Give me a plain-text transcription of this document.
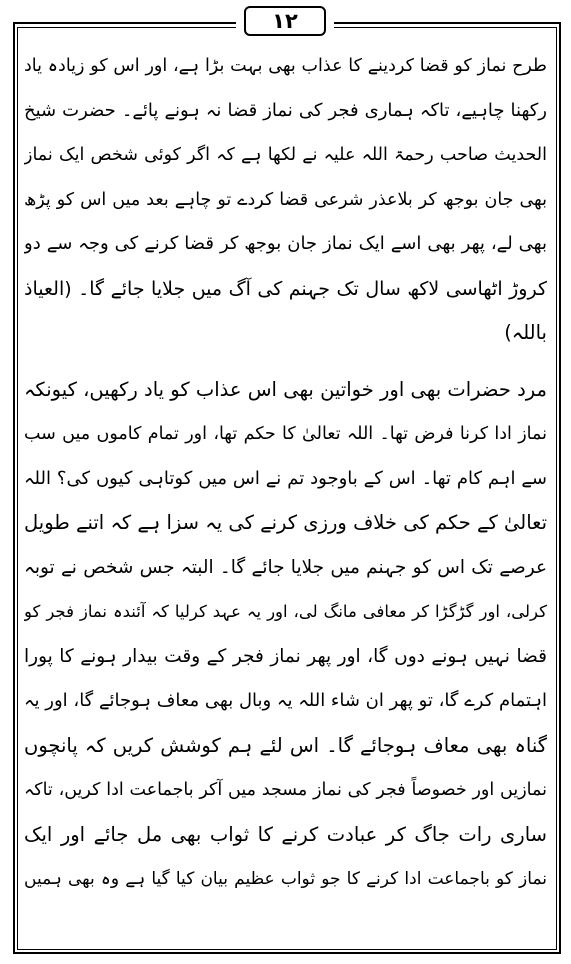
۱۲
طرح نماز کو قضا کردینے کا عذاب بھی بہت بڑا ہے، اور اس کو زیادہ یاد
رکھنا چاہیے، تاکہ ہماری فجر کی نماز قضا نہ ہونے پائے۔ حضرت شیخ
الحدیث صاحب رحمۃ اللہ علیہ نے لکھا ہے کہ اگر کوئی شخص ایک نماز
بھی جان بوجھ کر بلاعذر شرعی قضا کردے تو چاہے بعد میں اس کو پڑھ
بھی لے، پھر بھی اسے ایک نماز جان بوجھ کر قضا کرنے کی وجہ سے دو
کروڑ اٹھاسی لاکھ سال تک جہنم کی آگ میں جلایا جائے گا۔ (العیاذ
باللہ)
مرد حضرات بھی اور خواتین بھی اس عذاب کو یاد رکھیں، کیونکہ
نماز ادا کرنا فرض تھا۔ اللہ تعالیٰ کا حکم تھا، اور تمام کاموں میں سب
سے اہم کام تھا۔ اس کے باوجود تم نے اس میں کوتاہی کیوں کی؟ اللہ
تعالیٰ کے حکم کی خلاف ورزی کرنے کی یہ سزا ہے کہ اتنے طویل
عرصے تک اس کو جہنم میں جلایا جائے گا۔ البتہ جس شخص نے توبہ
کرلی، اور گڑگڑا کر معافی مانگ لی، اور یہ عہد کرلیا کہ آئندہ نماز فجر کو
قضا نہیں ہونے دوں گا، اور پھر نماز فجر کے وقت بیدار ہونے کا پورا
اہتمام کرے گا، تو پھر ان شاء اللہ یہ وبال بھی معاف ہوجائے گا، اور یہ
گناہ بھی معاف ہوجائے گا۔ اس لئے ہم کوشش کریں کہ پانچوں
نمازیں اور خصوصاً فجر کی نماز مسجد میں آکر باجماعت ادا کریں، تاکہ
ساری رات جاگ کر عبادت کرنے کا ثواب بھی مل جائے اور ایک
نماز کو باجماعت ادا کرنے کا جو ثواب عظیم بیان کیا گیا ہے وہ بھی ہمیں
